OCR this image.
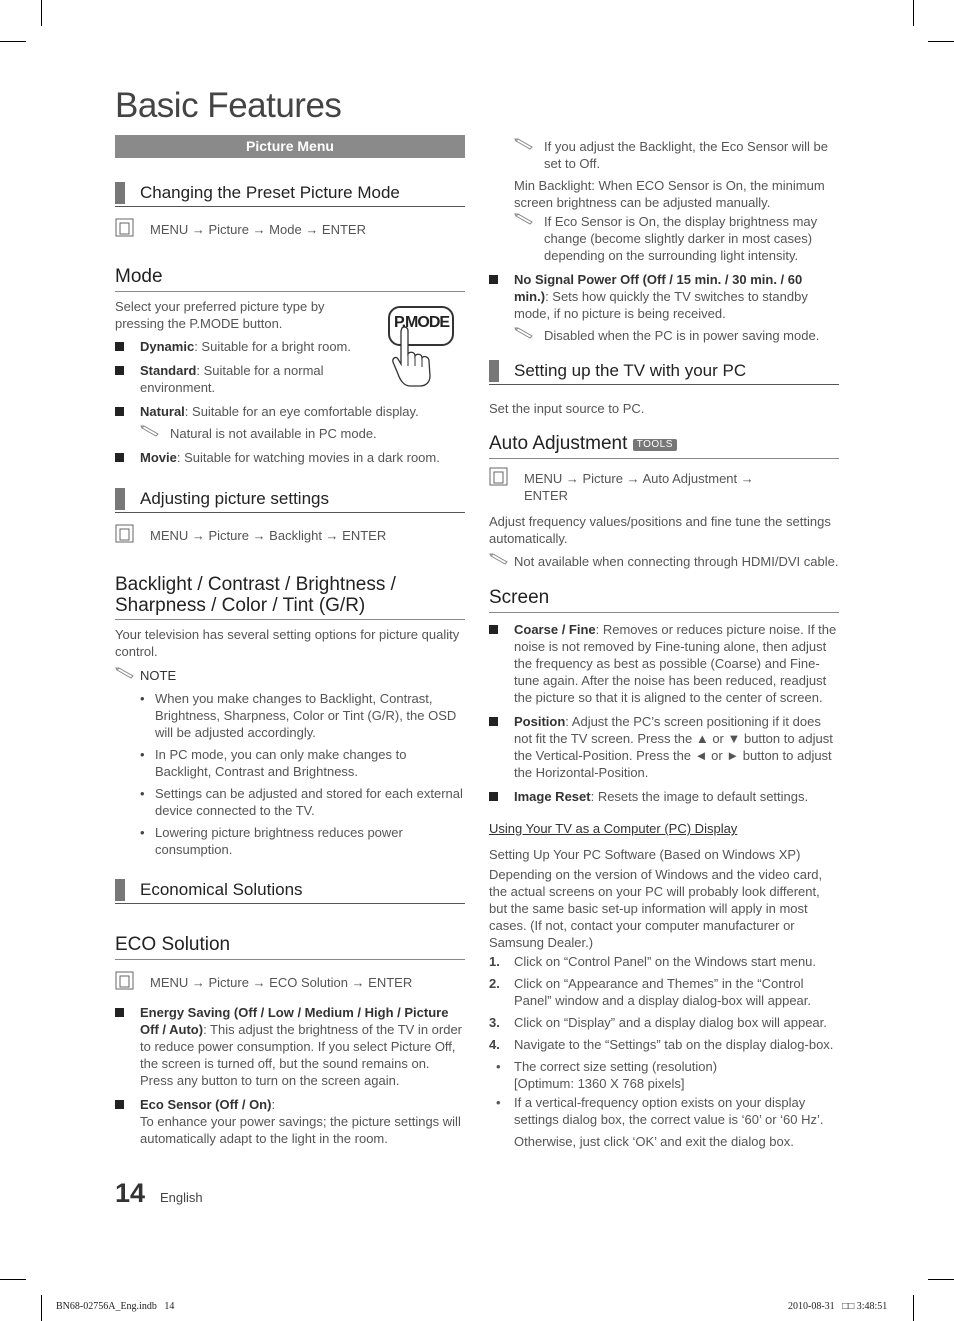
Basic Features
Picture Menu
Changing the Preset Picture Mode
MENU → Picture → Mode → ENTER
Mode
Select your preferred picture type by pressing the P.MODE button.
Dynamic: Suitable for a bright room.
Standard: Suitable for a normal environment.
Natural: Suitable for an eye comfortable display.
Natural is not available in PC mode.
Movie: Suitable for watching movies in a dark room.
Adjusting picture settings
MENU → Picture → Backlight → ENTER
Backlight / Contrast / Brightness / Sharpness / Color / Tint (G/R)
Your television has several setting options for picture quality control.
NOTE
• When you make changes to Backlight, Contrast, Brightness, Sharpness, Color or Tint (G/R), the OSD will be adjusted accordingly.
• In PC mode, you can only make changes to Backlight, Contrast and Brightness.
• Settings can be adjusted and stored for each external device connected to the TV.
• Lowering picture brightness reduces power consumption.
Economical Solutions
ECO Solution
MENU → Picture → ECO Solution → ENTER
Energy Saving (Off / Low / Medium / High / Picture Off / Auto): This adjust the brightness of the TV in order to reduce power consumption. If you select Picture Off, the screen is turned off, but the sound remains on. Press any button to turn on the screen again.
Eco Sensor (Off / On):
To enhance your power savings; the picture settings will automatically adapt to the light in the room.
P.MODE
If you adjust the Backlight, the Eco Sensor will be set to Off.
Min Backlight: When ECO Sensor is On, the minimum screen brightness can be adjusted manually.
If Eco Sensor is On, the display brightness may change (become slightly darker in most cases) depending on the surrounding light intensity.
No Signal Power Off (Off / 15 min. / 30 min. / 60 min.): Sets how quickly the TV switches to standby mode, if no picture is being received.
Disabled when the PC is in power saving mode.
Setting up the TV with your PC
Set the input source to PC.
Auto Adjustment TOOLS
MENU → Picture → Auto Adjustment →
ENTER
Adjust frequency values/positions and fine tune the settings automatically.
Not available when connecting through HDMI/DVI cable.
Screen
Coarse / Fine: Removes or reduces picture noise. If the noise is not removed by Fine-tuning alone, then adjust the frequency as best as possible (Coarse) and Fine-tune again. After the noise has been reduced, readjust the picture so that it is aligned to the center of screen.
Position: Adjust the PC’s screen positioning if it does not fit the TV screen. Press the ▲ or ▼ button to adjust the Vertical-Position. Press the ◄ or ► button to adjust the Horizontal-Position.
Image Reset: Resets the image to default settings.
Using Your TV as a Computer (PC) Display
Setting Up Your PC Software (Based on Windows XP)
Depending on the version of Windows and the video card, the actual screens on your PC will probably look different, but the same basic set-up information will apply in most cases. (If not, contact your computer manufacturer or Samsung Dealer.)
1. Click on “Control Panel” on the Windows start menu.
2. Click on “Appearance and Themes” in the “Control Panel” window and a display dialog-box will appear.
3. Click on “Display” and a display dialog box will appear.
4. Navigate to the “Settings” tab on the display dialog-box.
• The correct size setting (resolution)
[Optimum: 1360 X 768 pixels]
• If a vertical-frequency option exists on your display settings dialog box, the correct value is ‘60’ or ‘60 Hz’.
Otherwise, just click ‘OK’ and exit the dialog box.
14 English
BN68-02756A_Eng.indb   14	2010-08-31   □□ 3:48:51
